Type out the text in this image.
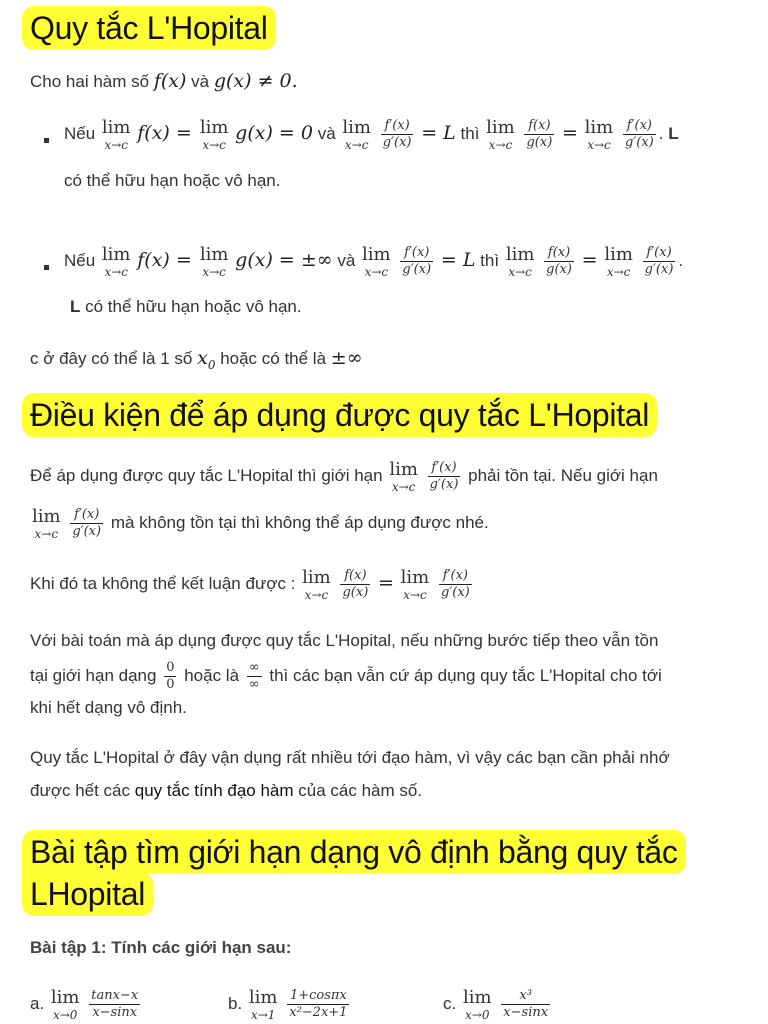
Quy tắc L'Hopital
Cho hai hàm số f(x) và g(x) ≠ 0.
Nếu lim
x→c
f(x) = lim
x→c
g(x) = 0 và lim
x→c
$\frac{f'(x)}{g'(x)} = L$ thì lim
x→c
$\frac{f(x)}{g(x)} = \lim$
x→c
$\frac{f'(x)}{g'(x)}$ . L
có thể hữu hạn hoặc vô hạn.
Nếu lim
x→c
f(x) = lim
x→c
g(x) = ±∞ và lim
x→c
$\frac{f'(x)}{g'(x)} = L$ thì lim
x→c
$\frac{f(x)}{g(x)} = \lim$
x→c
$\frac{f'(x)}{g'(x)}$ .
L có thể hữu hạn hoặc vô hạn.
c ở đây có thể là 1 số $x_0$ hoặc có thể là ±∞
Điều kiện để áp dụng được quy tắc L'Hopital
Để áp dụng được quy tắc L'Hopital thì giới hạn lim
x→c
$\frac{f'(x)}{g'(x)}$ phải tồn tại. Nếu giới hạn
lim
x→c
$\frac{f'(x)}{g'(x)}$ mà không tồn tại thì không thể áp dụng được nhé.
Khi đó ta không thể kết luận được : lim
x→c
$\frac{f(x)}{g(x)} = \lim$
x→c
$\frac{f'(x)}{g'(x)}$
Với bài toán mà áp dụng được quy tắc L'Hopital, nếu những bước tiếp theo vẫn tồn
tại giới hạn dạng $\frac{0}{0}$ hoặc là $\frac{\infty}{\infty}$ thì các bạn vẫn cứ áp dụng quy tắc L'Hopital cho tới
khi hết dạng vô định.
Quy tắc L'Hopital ở đây vận dụng rất nhiều tới đạo hàm, vì vậy các bạn cần phải nhớ
được hết các quy tắc tính đạo hàm của các hàm số.
Bài tập tìm giới hạn dạng vô định bằng quy tắc
LHopital
Bài tập 1: Tính các giới hạn sau:
a. lim
x→0
$\frac{\tan x-x}{x-\sin x}$	b. lim
x→1
$\frac{1+\cos\pi x}{\text{x²−2x+1}}$	c. lim
x→0
$\frac{\text{x³}}{x-\sin x}$
